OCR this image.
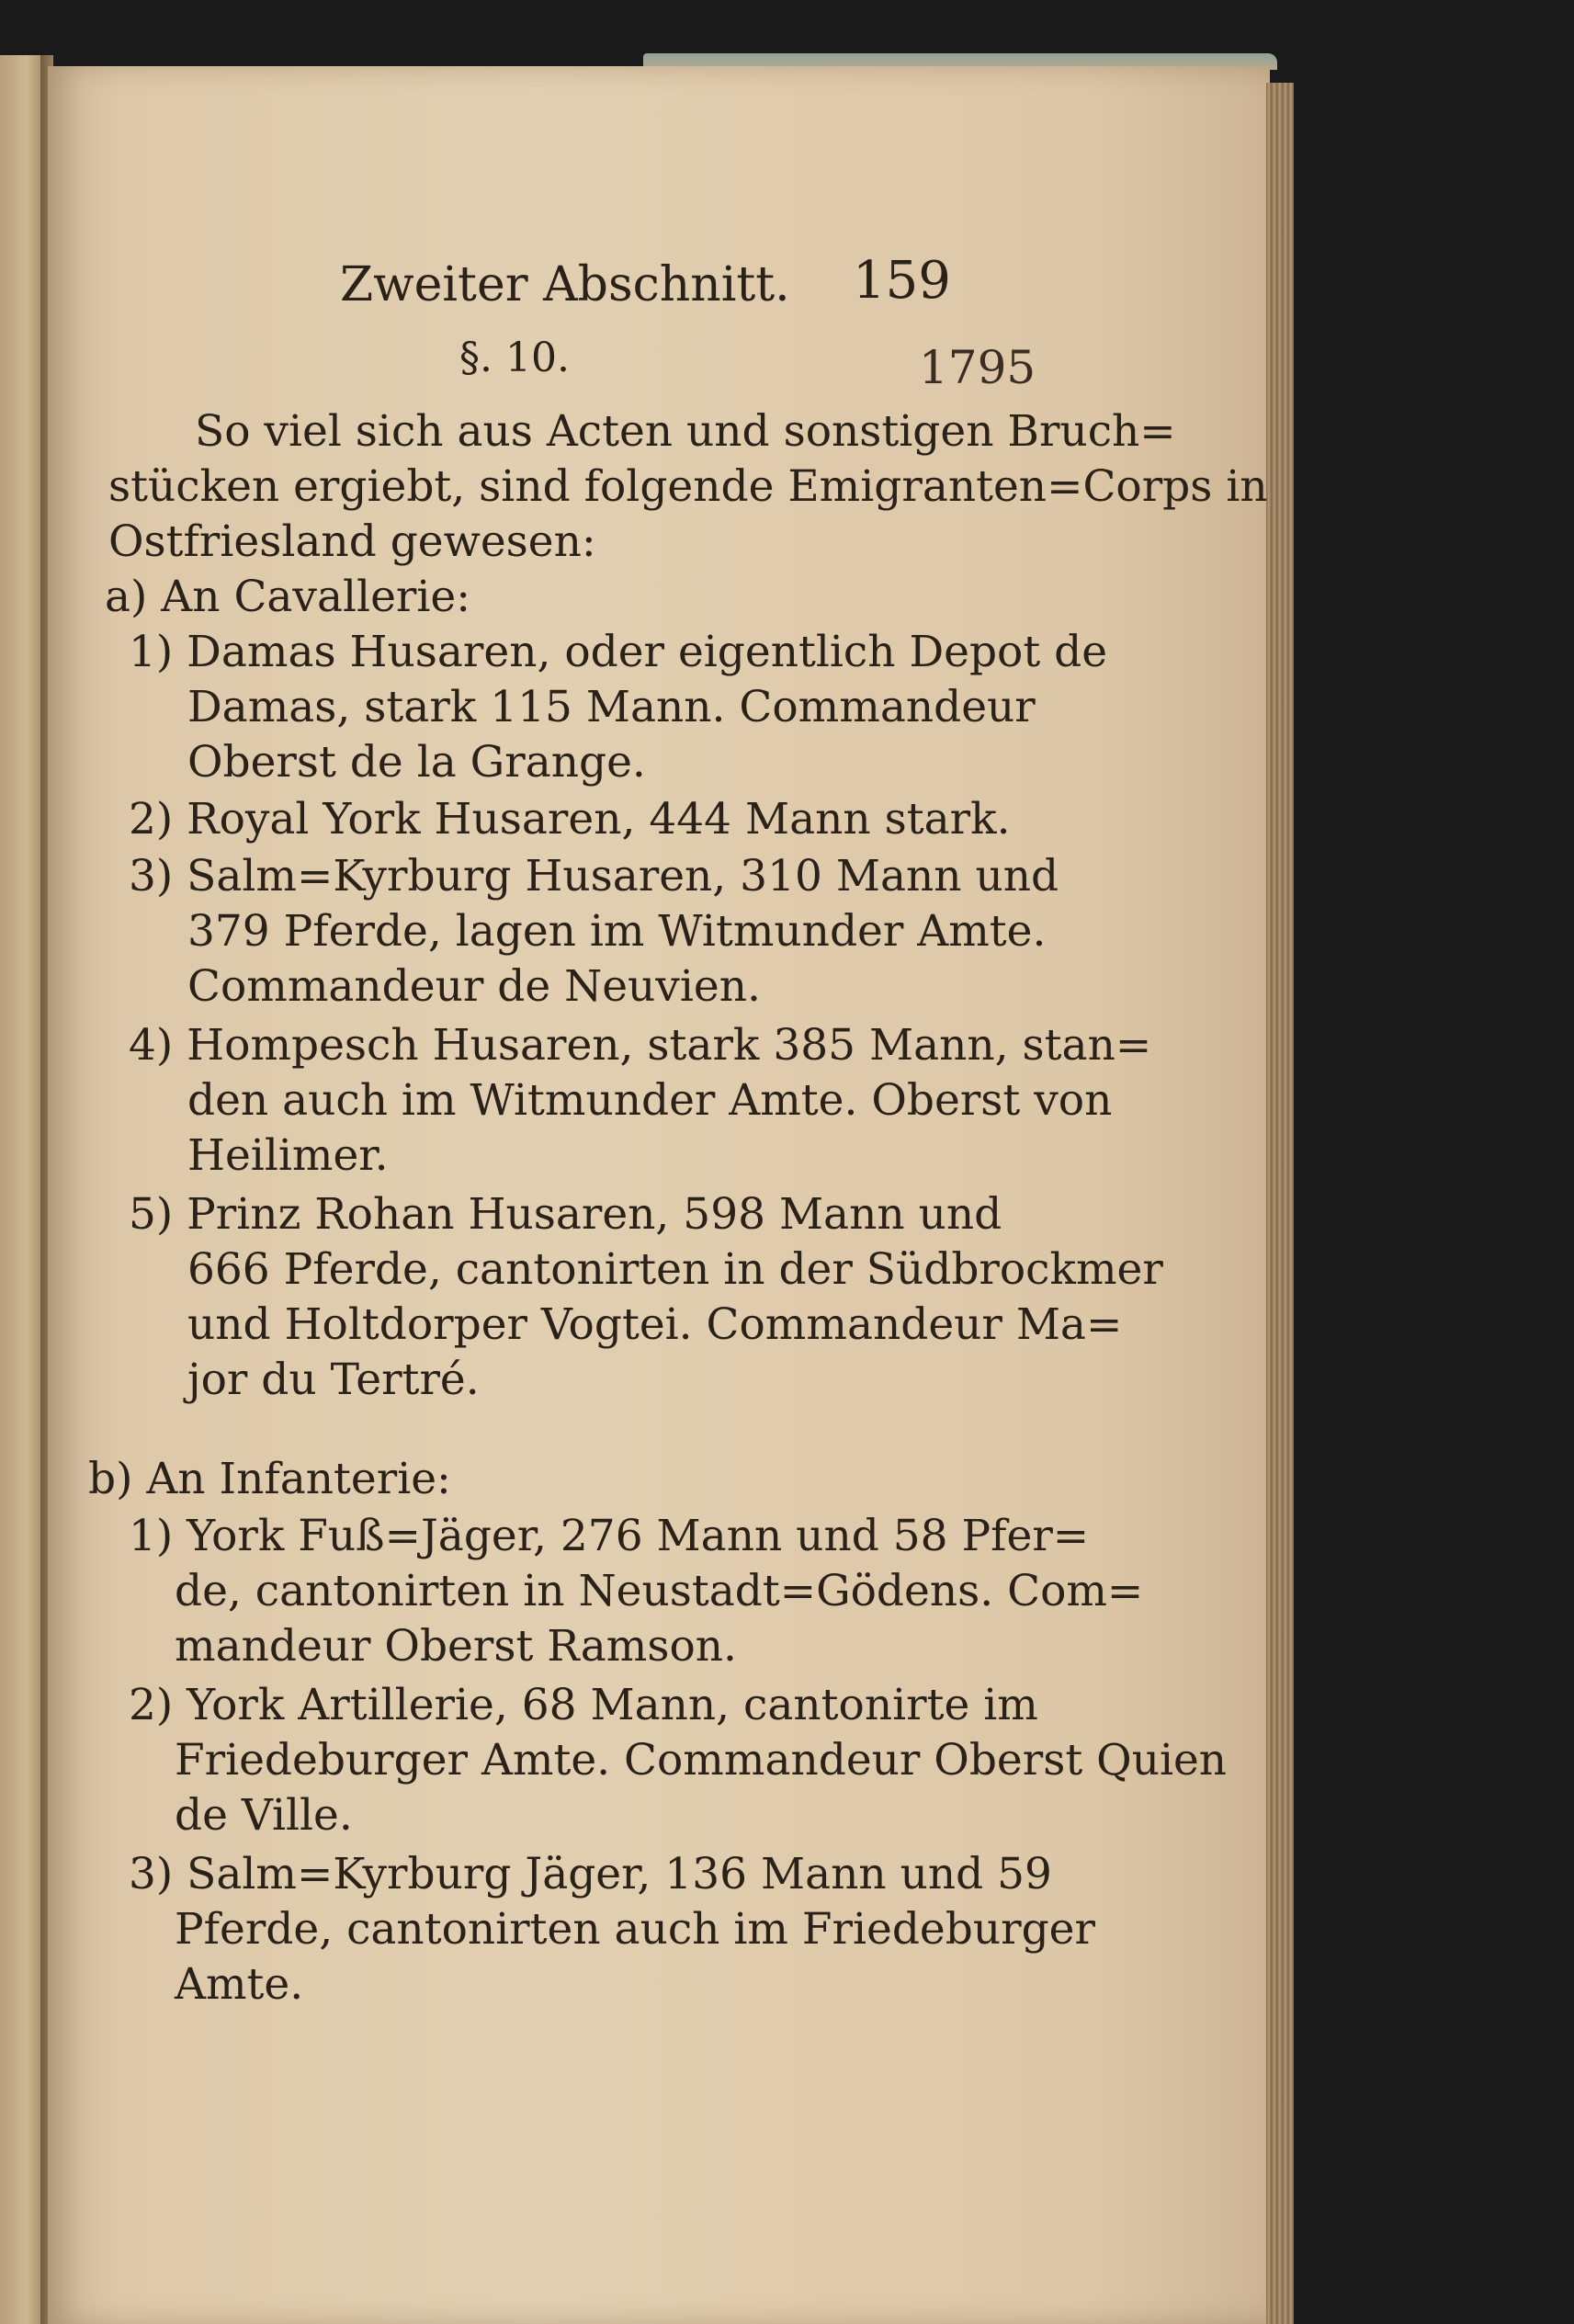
Zweiter Abschnitt. 159
1795
§. 10.
So viel sich aus Acten und sonstigen Bruch=
stücken ergiebt, sind folgende Emigranten=Corps in
Ostfriesland gewesen:
a) An Cavallerie:
1) Damas Husaren, oder eigentlich Depot de
Damas, stark 115 Mann. Commandeur
Oberst de la Grange.
2) Royal York Husaren, 444 Mann stark.
3) Salm=Kyrburg Husaren, 310 Mann und
379 Pferde, lagen im Witmunder Amte.
Commandeur de Neuvien.
4) Hompesch Husaren, stark 385 Mann, stan=
den auch im Witmunder Amte. Oberst von
Heilimer.
5) Prinz Rohan Husaren, 598 Mann und
666 Pferde, cantonirten in der Südbrockmer
und Holtdorper Vogtei. Commandeur Ma=
jor du Tertré.
b) An Infanterie:
1) York Fuß=Jäger, 276 Mann und 58 Pfer=
de, cantonirten in Neustadt=Gödens. Com=
mandeur Oberst Ramson.
2) York Artillerie, 68 Mann, cantonirte im
Friedeburger Amte. Commandeur Oberst Quien
de Ville.
3) Salm=Kyrburg Jäger, 136 Mann und 59
Pferde, cantonirten auch im Friedeburger
Amte.
